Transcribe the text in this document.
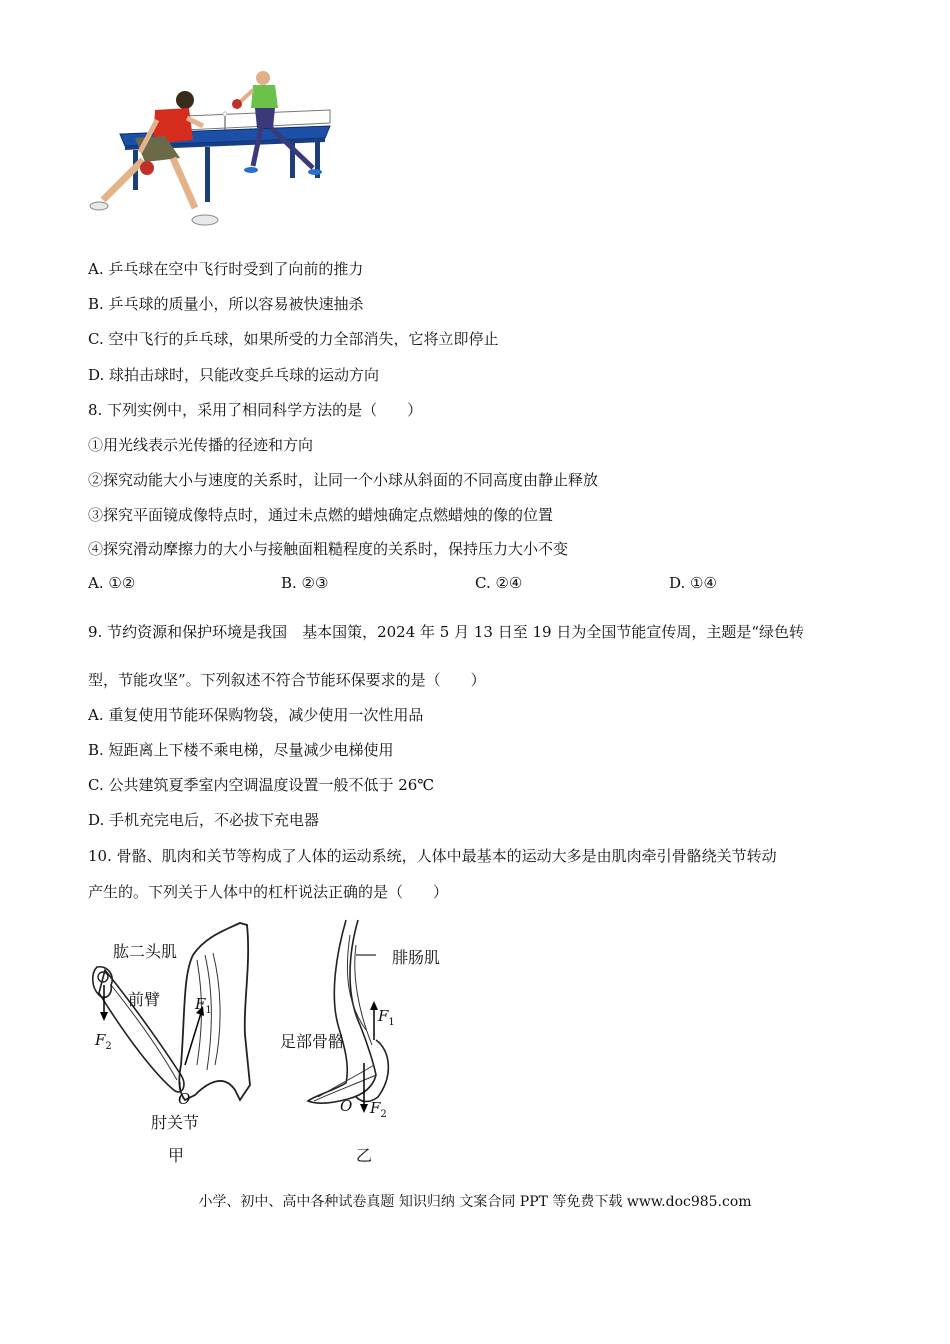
A. 乒乓球在空中飞行时受到了向前的推力
B. 乒乓球的质量小，所以容易被快速抽杀
C. 空中飞行的乒乓球，如果所受的力全部消失，它将立即停止
D. 球拍击球时，只能改变乒乓球的运动方向
8. 下列实例中，采用了相同科学方法的是（　　）
①用光线表示光传播的径迹和方向
②探究动能大小与速度的关系时，让同一个小球从斜面的不同高度由静止释放
③探究平面镜成像特点时，通过未点燃的蜡烛确定点燃蜡烛的像的位置
④探究滑动摩擦力的大小与接触面粗糙程度的关系时，保持压力大小不变
A. ①②	B. ②③	C. ②④	D. ①④
9. 节约资源和保护环境是我国　基本国策，2024 年 5 月 13 日至 19 日为全国节能宣传周，主题是“绿色转
型，节能攻坚”。下列叙述不符合节能环保要求的是（　　）
A. 重复使用节能环保购物袋，减少使用一次性用品
B. 短距离上下楼不乘电梯，尽量减少电梯使用
C. 公共建筑夏季室内空调温度设置一般不低于 26℃
D. 手机充完电后，不必拔下充电器
10. 骨骼、肌肉和关节等构成了人体的运动系统，人体中最基本的运动大多是由肌肉牵引骨骼绕关节转动
产生的。下列关于人体中的杠杆说法正确的是（　　）
肱二头肌
前臂 $F_1$
$F_2$
O
肘关节
甲
腓肠肌
$F_1$
足部骨骼
O $F_2$
乙
小学、初中、高中各种试卷真题 知识归纳 文案合同 PPT 等免费下载 www.doc985.com
